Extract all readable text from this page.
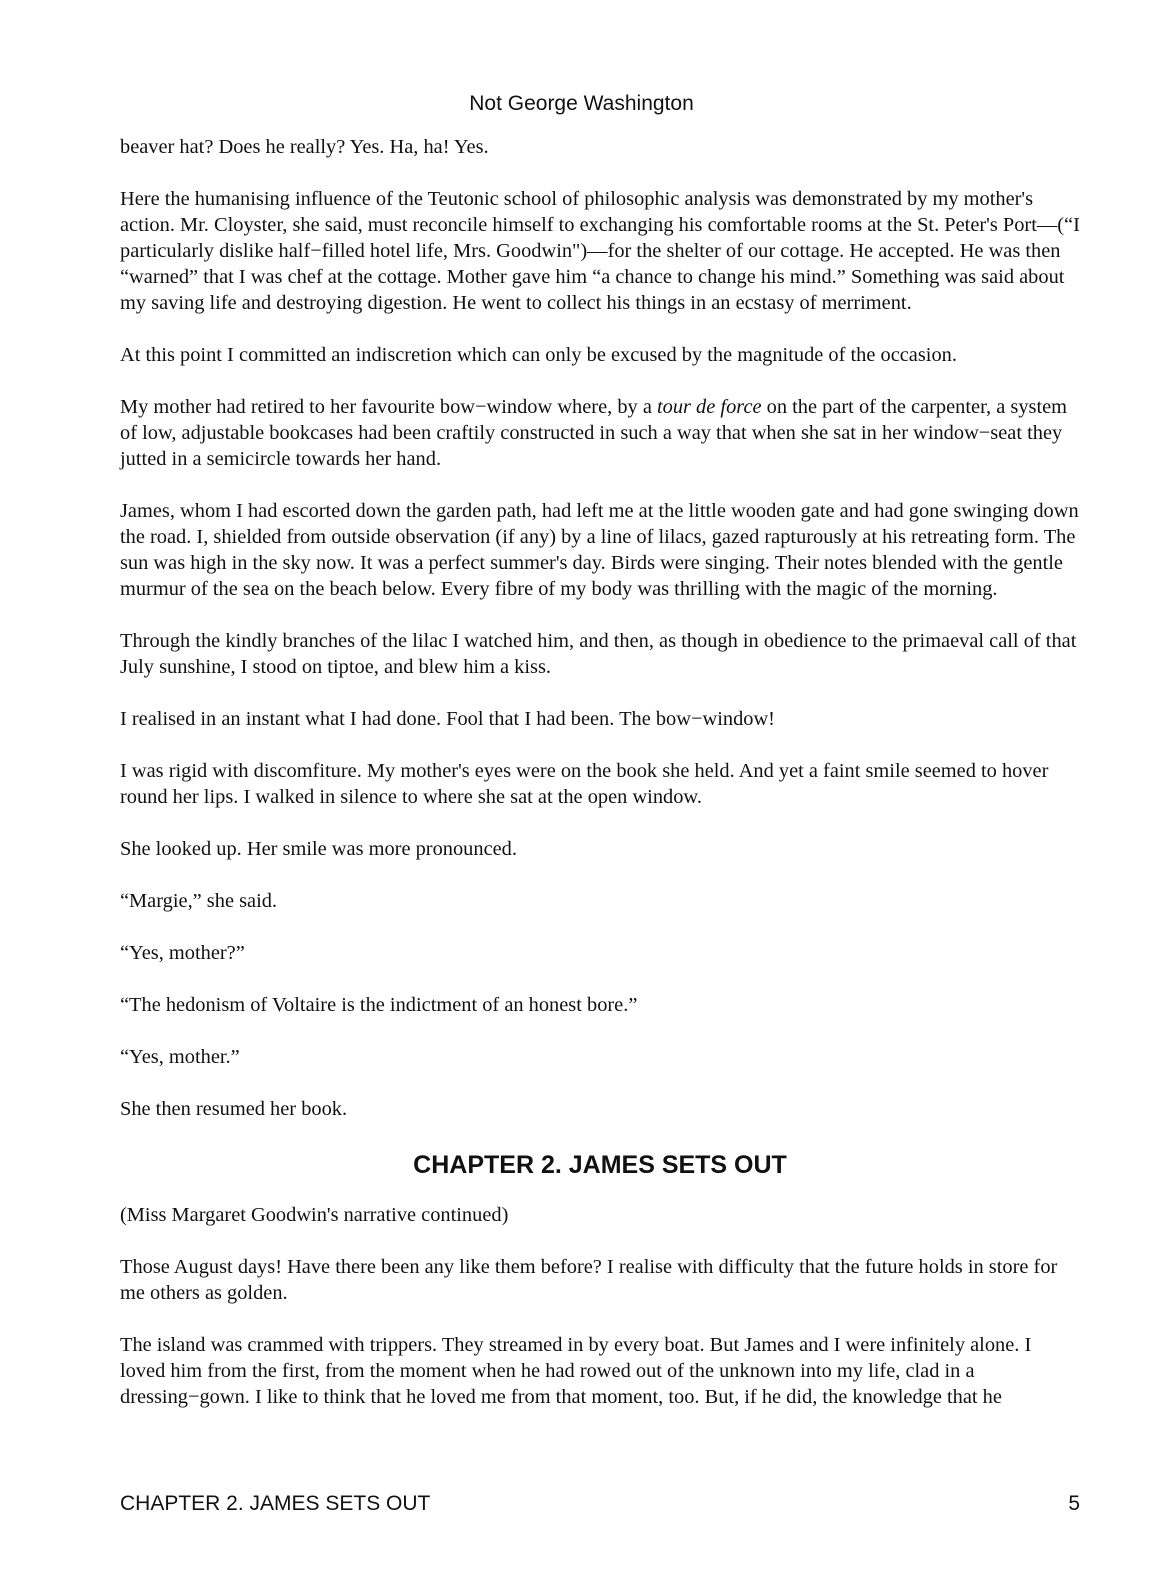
Not George Washington

beaver hat? Does he really? Yes. Ha, ha! Yes.

Here the humanising influence of the Teutonic school of philosophic analysis was demonstrated by my mother's action. Mr. Cloyster, she said, must reconcile himself to exchanging his comfortable rooms at the St. Peter's Port—(“I particularly dislike half−filled hotel life, Mrs. Goodwin")—for the shelter of our cottage. He accepted. He was then “warned” that I was chef at the cottage. Mother gave him “a chance to change his mind.” Something was said about my saving life and destroying digestion. He went to collect his things in an ecstasy of merriment.

At this point I committed an indiscretion which can only be excused by the magnitude of the occasion.

My mother had retired to her favourite bow−window where, by a tour de force on the part of the carpenter, a system of low, adjustable bookcases had been craftily constructed in such a way that when she sat in her window−seat they jutted in a semicircle towards her hand.

James, whom I had escorted down the garden path, had left me at the little wooden gate and had gone swinging down the road. I, shielded from outside observation (if any) by a line of lilacs, gazed rapturously at his retreating form. The sun was high in the sky now. It was a perfect summer's day. Birds were singing. Their notes blended with the gentle murmur of the sea on the beach below. Every fibre of my body was thrilling with the magic of the morning.

Through the kindly branches of the lilac I watched him, and then, as though in obedience to the primaeval call of that July sunshine, I stood on tiptoe, and blew him a kiss.

I realised in an instant what I had done. Fool that I had been. The bow−window!

I was rigid with discomfiture. My mother's eyes were on the book she held. And yet a faint smile seemed to hover round her lips. I walked in silence to where she sat at the open window.

She looked up. Her smile was more pronounced.

“Margie,” she said.

“Yes, mother?”

“The hedonism of Voltaire is the indictment of an honest bore.”

“Yes, mother.”

She then resumed her book.

CHAPTER 2. JAMES SETS OUT

(Miss Margaret Goodwin's narrative continued)

Those August days! Have there been any like them before? I realise with difficulty that the future holds in store for me others as golden.

The island was crammed with trippers. They streamed in by every boat. But James and I were infinitely alone. I loved him from the first, from the moment when he had rowed out of the unknown into my life, clad in a dressing−gown. I like to think that he loved me from that moment, too. But, if he did, the knowledge that he

CHAPTER 2. JAMES SETS OUT	5
